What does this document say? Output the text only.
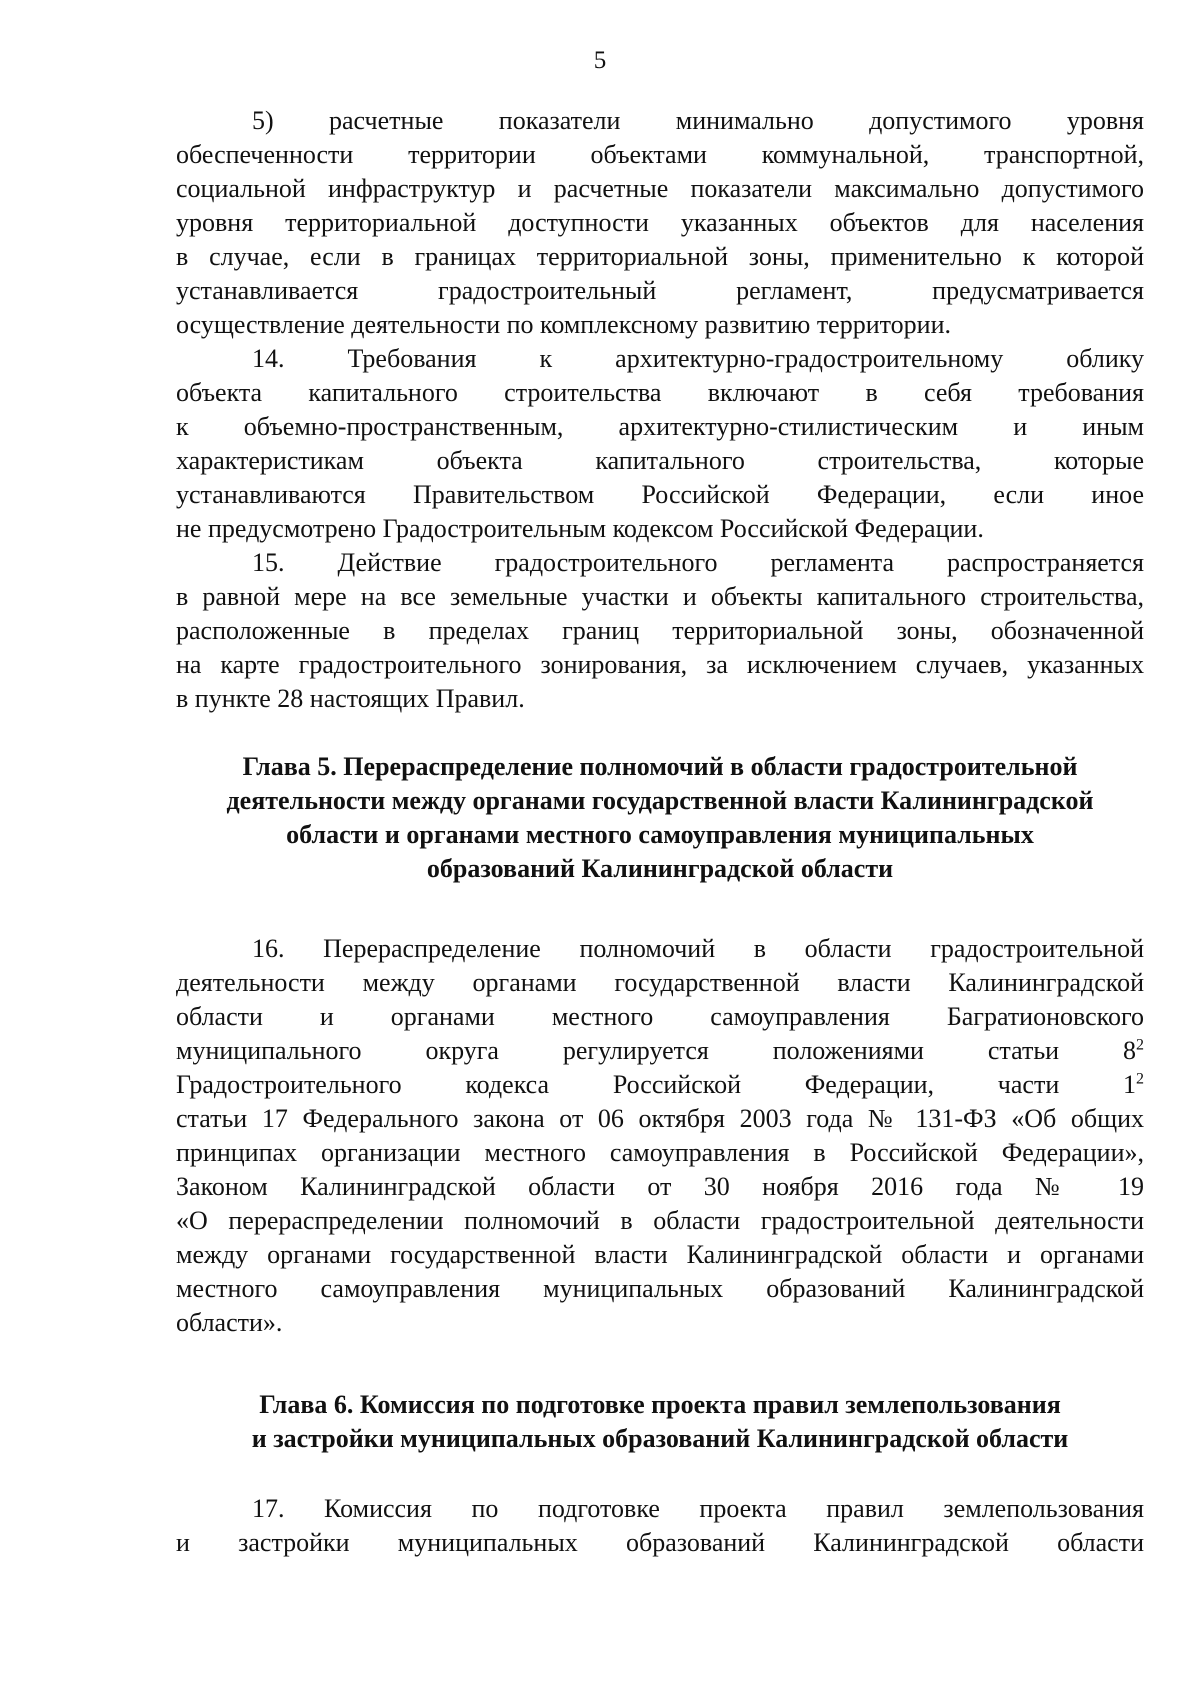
5

5) расчетные показатели минимально допустимого уровня

обеспеченности территории объектами коммунальной, транспортной,

социальной инфраструктур и расчетные показатели максимально допустимого

уровня территориальной доступности указанных объектов для населения

в случае, если в границах территориальной зоны, применительно к которой

устанавливается градостроительный регламент, предусматривается

осуществление деятельности по комплексному развитию территории.

14. Требования к архитектурно-градостроительному облику

объекта капитального строительства включают в себя требования

к объемно-пространственным, архитектурно-стилистическим и иным

характеристикам объекта капитального строительства, которые

устанавливаются Правительством Российской Федерации, если иное

не предусмотрено Градостроительным кодексом Российской Федерации.

15. Действие градостроительного регламента распространяется

в равной мере на все земельные участки и объекты капитального строительства,

расположенные в пределах границ территориальной зоны, обозначенной

на карте градостроительного зонирования, за исключением случаев, указанных

в пункте 28 настоящих Правил.

Глава 5. Перераспределение полномочий в области градостроительной
деятельности между органами государственной власти Калининградской
области и органами местного самоуправления муниципальных
образований Калининградской области

16. Перераспределение полномочий в области градостроительной

деятельности между органами государственной власти Калининградской

области и органами местного самоуправления Багратионовского

муниципального округа регулируется положениями статьи $8^2$

Градостроительного кодекса Российской Федерации, части $1^2$

статьи 17 Федерального закона от 06 октября 2003 года № 131-ФЗ «Об общих

принципах организации местного самоуправления в Российской Федерации»,

Законом Калининградской области от 30 ноября 2016 года № 19

«О перераспределении полномочий в области градостроительной деятельности

между органами государственной власти Калининградской области и органами

местного самоуправления муниципальных образований Калининградской

области».

Глава 6. Комиссия по подготовке проекта правил землепользования
и застройки муниципальных образований Калининградской области

17. Комиссия по подготовке проекта правил землепользования

и застройки муниципальных образований Калининградской области
